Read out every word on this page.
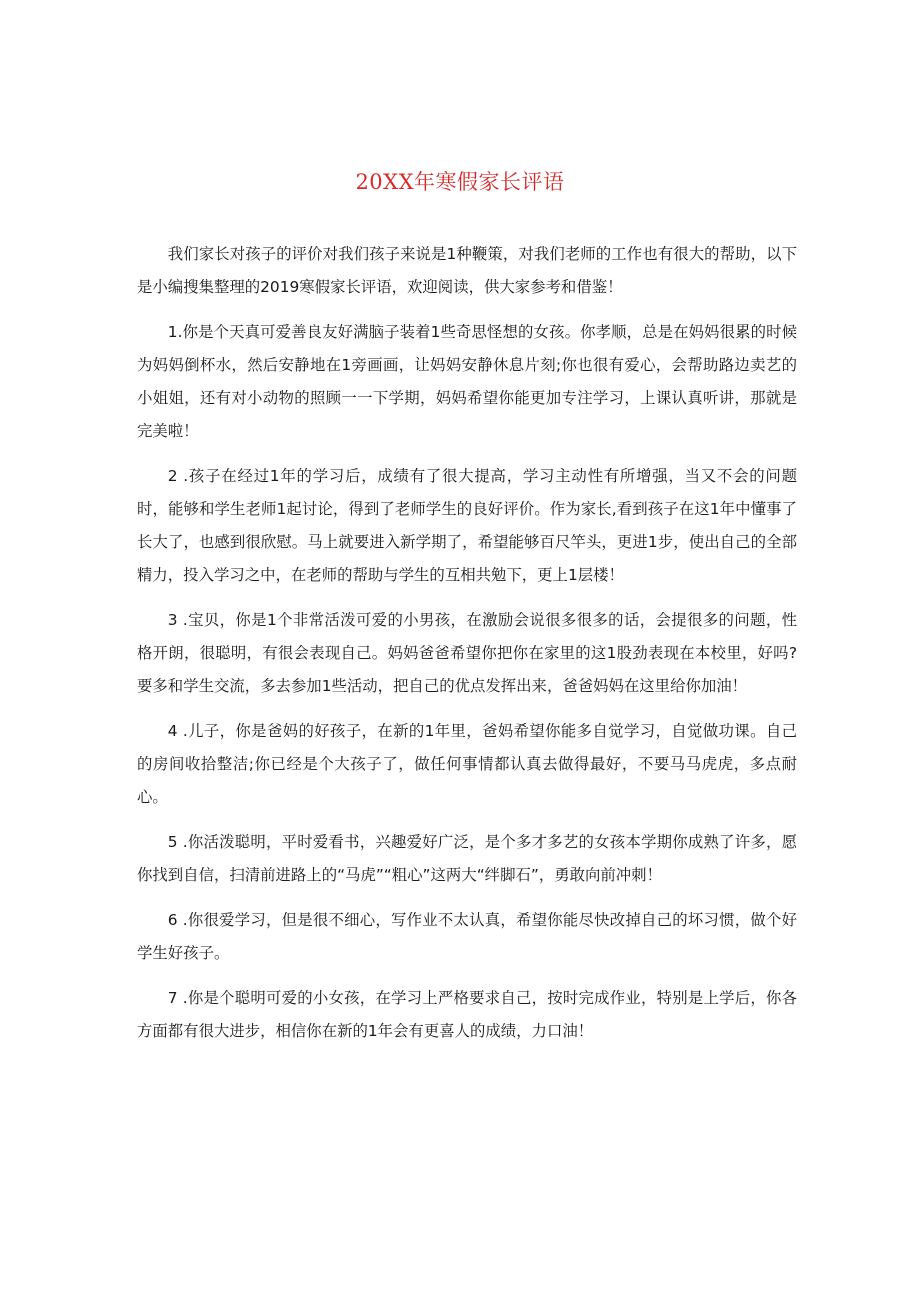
20XX年寒假家长评语

我们家长对孩子的评价对我们孩子来说是1种鞭策，对我们老师的工作也有很大的帮助，以下是小编搜集整理的2019寒假家长评语，欢迎阅读，供大家参考和借鉴！

1.你是个天真可爱善良友好满脑子装着1些奇思怪想的女孩。你孝顺，总是在妈妈很累的时候为妈妈倒杯水，然后安静地在1旁画画，让妈妈安静休息片刻;你也很有爱心，会帮助路边卖艺的小姐姐，还有对小动物的照顾一一下学期，妈妈希望你能更加专注学习，上课认真听讲，那就是完美啦！

2 .孩子在经过1年的学习后，成绩有了很大提高，学习主动性有所增强，当又不会的问题时，能够和学生老师1起讨论，得到了老师学生的良好评价。作为家长,看到孩子在这1年中懂事了长大了，也感到很欣慰。马上就要进入新学期了，希望能够百尺竿头，更进1步，使出自己的全部精力，投入学习之中，在老师的帮助与学生的互相共勉下，更上1层楼！

3 .宝贝，你是1个非常活泼可爱的小男孩，在激励会说很多很多的话，会提很多的问题，性格开朗，很聪明，有很会表现自己。妈妈爸爸希望你把你在家里的这1股劲表现在本校里，好吗?要多和学生交流，多去参加1些活动，把自己的优点发挥出来，爸爸妈妈在这里给你加油！

4 .儿子，你是爸妈的好孩子，在新的1年里，爸妈希望你能多自觉学习，自觉做功课。自己的房间收拾整洁;你已经是个大孩子了，做任何事情都认真去做得最好，不要马马虎虎，多点耐心。

5 .你活泼聪明，平时爱看书，兴趣爱好广泛，是个多才多艺的女孩本学期你成熟了许多，愿你找到自信，扫清前进路上的“马虎”“粗心”这两大“绊脚石”，勇敢向前冲刺！

6 .你很爱学习，但是很不细心，写作业不太认真，希望你能尽快改掉自己的坏习惯，做个好学生好孩子。

7 .你是个聪明可爱的小女孩，在学习上严格要求自己，按时完成作业，特别是上学后，你各方面都有很大进步，相信你在新的1年会有更喜人的成绩，力口油！
